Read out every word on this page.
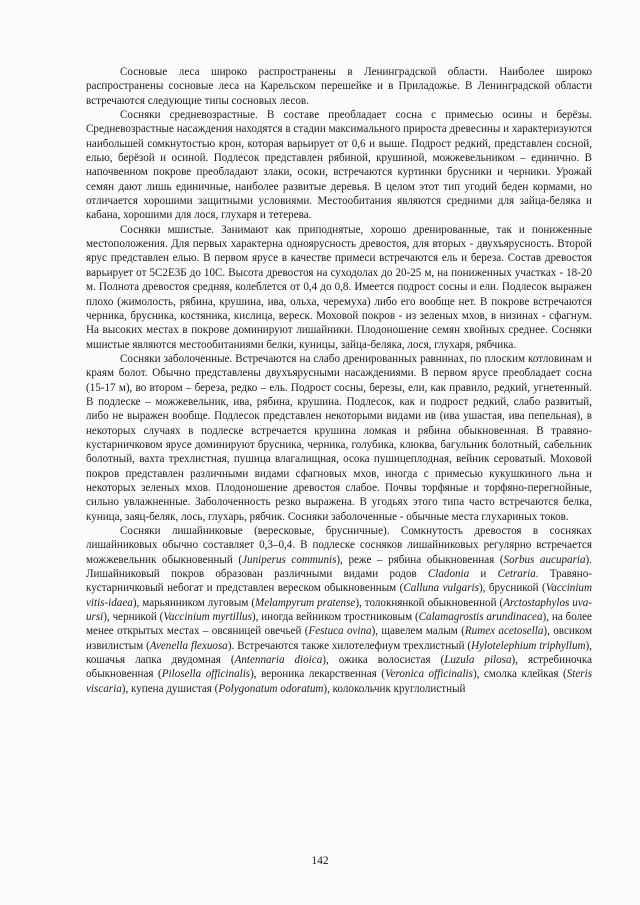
Сосновые леса широко распространены в Ленинградской области. Наиболее широко распространены сосновые леса на Карельском перешейке и в Приладожье. В Ленинградской области встречаются следующие типы сосновых лесов.

Сосняки средневозрастные. В составе преобладает сосна с примесью осины и берёзы. Средневозрастные насаждения находятся в стадии максимального прироста древесины и характеризуются наибольшей сомкнутостью крон, которая варьирует от 0,6 и выше. Подрост редкий, представлен сосной, елью, берёзой и осиной. Подлесок представлен рябиной, крушиной, можжевельником – единично. В напочвенном покрове преобладают злаки, осоки, встречаются куртинки брусники и черники. Урожай семян дают лишь единичные, наиболее развитые деревья. В целом этот тип угодий беден кормами, но отличается хорошими защитными условиями. Местообитания являются средними для зайца-беляка и кабана, хорошими для лося, глухаря и тетерева.

Сосняки мшистые. Занимают как приподнятые, хорошо дренированные, так и пониженные местоположения. Для первых характерна одноярусность древостоя, для вторых - двухъярусность. Второй ярус представлен елью. В первом ярусе в качестве примеси встречаются ель и береза. Состав древостоя варьирует от 5С2Е3Б до 10С. Высота древостоя на суходолах до 20-25 м, на пониженных участках - 18-20 м. Полнота древостоя средняя, колеблется от 0,4 до 0,8. Имеется подрост сосны и ели. Подлесок выражен плохо (жимолость, рябина, крушина, ива, ольха, черемуха) либо его вообще нет. В покрове встречаются черника, брусника, костяника, кислица, вереск. Моховой покров - из зеленых мхов, в низинах - сфагнум. На высоких местах в покрове доминируют лишайники. Плодоношение семян хвойных среднее. Сосняки мшистые являются местообитаниями белки, куницы, зайца-беляка, лося, глухаря, рябчика.

Сосняки заболоченные. Встречаются на слабо дренированных равнинах, по плоским котловинам и краям болот. Обычно представлены двухъярусными насаждениями. В первом ярусе преобладает сосна (15-17 м), во втором – береза, редко – ель. Подрост сосны, березы, ели, как правило, редкий, угнетенный. В подлеске – можжевельник, ива, рябина, крушина. Подлесок, как и подрост редкий, слабо развитый, либо не выражен вообще. Подлесок представлен некоторыми видами ив (ива ушастая, ива пепельная), в некоторых случаях в подлеске встречается крушина ломкая и рябина обыкновенная. В травяно-кустарничковом ярусе доминируют брусника, черника, голубика, клюква, багульник болотный, сабельник болотный, вахта трехлистная, пушица влагалищная, осока пушицеплодная, вейник сероватый. Моховой покров представлен различными видами сфагновых мхов, иногда с примесью кукушкиного льна и некоторых зеленых мхов. Плодоношение древостоя слабое. Почвы торфяные и торфяно-перегнойные, сильно увлажненные. Заболоченность резко выражена. В угодьях этого типа часто встречаются белка, куница, заяц-беляк, лось, глухарь, рябчик. Сосняки заболоченные - обычные места глухариных токов.

Сосняки лишайниковые (вересковые, брусничные). Сомкнутость древостоя в сосняках лишайниковых обычно составляет 0,3–0,4. В подлеске сосняков лишайниковых регулярно встречается можжевельник обыкновенный (Juniperus communis), реже – рябина обыкновенная (Sorbus aucuparia). Лишайниковый покров образован различными видами родов Cladonia и Cetraria. Травяно-кустарничковый небогат и представлен вереском обыкновенным (Calluna vulgaris), брусникой (Vaccinium vitis-idaea), марьянником луговым (Melampyrum pratense), толокнянкой обыкновенной (Arctostaphylos uva-ursi), черникой (Vaccinium myrtillus), иногда вейником тростниковым (Calamagrostis arundinacea), на более менее открытых местах – овсяницей овечьей (Festuca ovina), щавелем малым (Rumex acetosella), овсиком извилистым (Avenella flexuosa). Встречаются также хилотелефиум трехлистный (Hylotelephium triphyllum), кошачья лапка двудомная (Antennaria dioica), ожика волосистая (Luzula pilosa), ястребиночка обыкновенная (Pilosella officinalis), вероника лекарственная (Veronica officinalis), смолка клейкая (Steris viscaria), купена душистая (Polygonatum odoratum), колокольчик круглолистный

142
